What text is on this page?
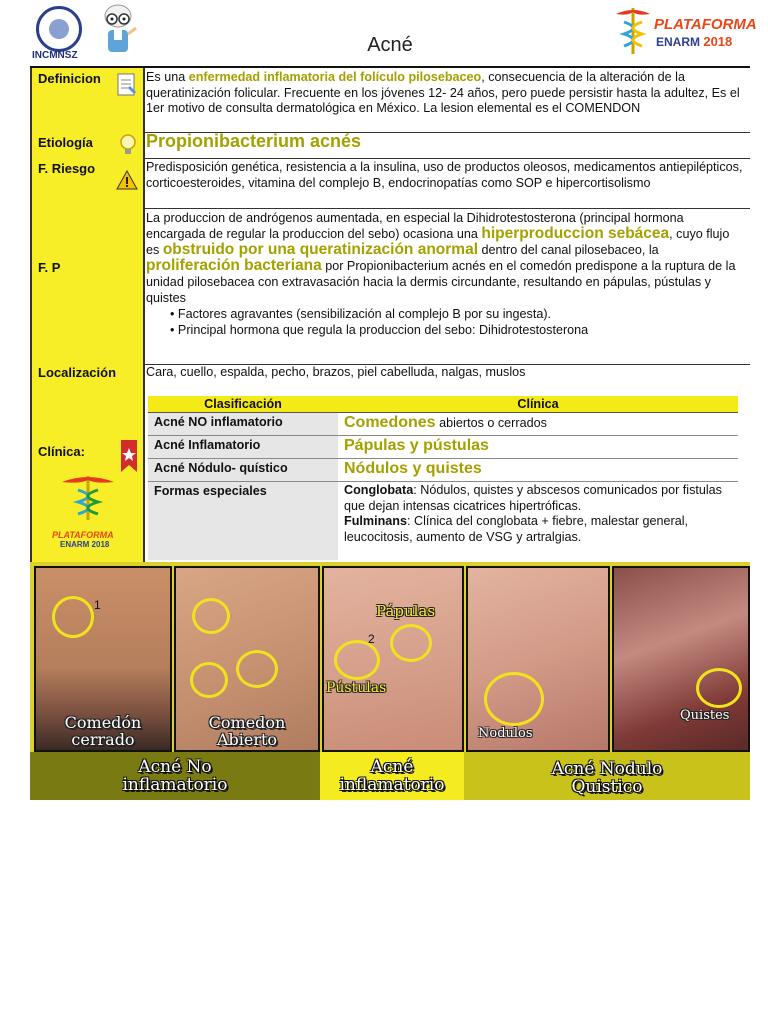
INCMNSZ	Acné
PLATAFORMA
ENARM 2018
Definicion	Es una enfermedad inflamatoria del folículo pilosebaceo, consecuencia de la alteración de la queratinización folicular. Frecuente en los jóvenes 12- 24 años, pero puede persistir hasta la adultez, Es el 1er motivo de consulta dermatológica en México. La lesion elemental es el COMENDON
Etiología	Propionibacterium acnés
F. Riesgo	Predisposición genética, resistencia a la insulina, uso de productos oleosos, medicamentos antiepilépticos, corticoesteroides, vitamina del complejo B, endocrinopatías como SOP e hipercortisolismo
F. P
La produccion de andrógenos aumentada, en especial la Dihidrotestosterona (principal hormona encargada de regular la produccion del sebo) ocasiona una hiperproduccion sebácea, cuyo flujo es obstruido por una queratinización anormal dentro del canal pilosebaceo, la proliferación bacteriana por Propionibacterium acnés en el comedón predispone a la ruptura de la unidad pilosebacea con extravasación hacia la dermis circundante, resultando en pápulas, pústulas y quistes
• Factores agravantes (sensibilización al complejo B por su ingesta).
• Principal hormona que regula la produccion del sebo: Dihidrotestosterona
Localización Cara, cuello, espalda, pecho, brazos, piel cabelluda, nalgas, muslos
Clínica:
PLATAFORMA
ENARM 2018
Clasificación	Clínica
Acné NO inflamatorio	Comedones abiertos o cerrados
Acné Inflamatorio	Pápulas y pústulas
Acné Nódulo- quístico	Nódulos y quistes
Formas especiales	Conglobata: Nódulos, quistes y abscesos comunicados por fistulas que dejan intensas cicatrices hipertróficas.
Fulminans: Clínica del conglobata + fiebre, malestar general, leucocitosis, aumento de VSG y artralgias.
1
Comedón
cerrado
Comedon
Abierto
Pápulas
2
Pústulas
Nodulos
Quistes
Acné No
inflamatorio
Acné
inflamatorio
Acné Nodulo
Quistico
